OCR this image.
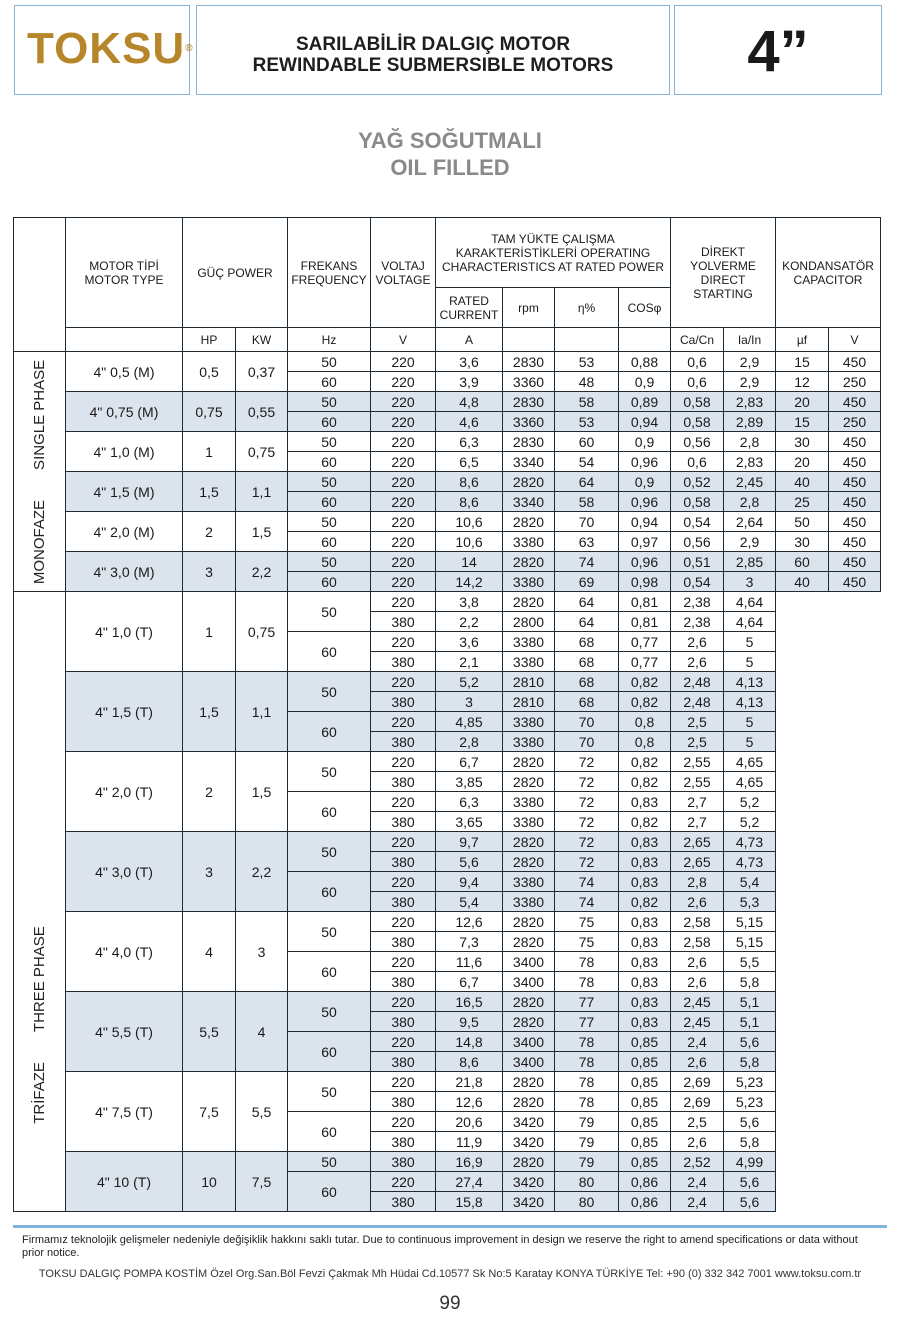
TOKSU®	SARILABİLİR DALGIÇ MOTOR
REWINDABLE SUBMERSIBLE MOTORS	4”
YAĞ SOĞUTMALI
OIL FILLED
	MOTOR TİPİ MOTOR TYPE	GÜÇ POWER		FREKANS FREQUENCY	VOLTAJ VOLTAGE	TAM YÜKTE ÇALIŞMA KARAKTERİSTİKLERİ OPERATING CHARACTERISTICS AT RATED POWER				DİREKT YOLVERME DIRECT STARTING		KONDANSATÖR CAPACITOR	
						RATED CURRENT	rpm	η%	COSφ				
		HP	KW	Hz	V	A				Ca/Cn	Ia/In	µf	V

MONOFAZESINGLE PHASE	4" 0,5 (M)	0,5	0,37	50	220	3,6	2830	53	0,88	0,6	2,9	15	450
				60	220	3,9	3360	48	0,9	0,6	2,9	12	250
	4" 0,75 (M)	0,75	0,55	50	220	4,8	2830	58	0,89	0,58	2,83	20	450
				60	220	4,6	3360	53	0,94	0,58	2,89	15	250
	4" 1,0 (M)	1	0,75	50	220	6,3	2830	60	0,9	0,56	2,8	30	450
				60	220	6,5	3340	54	0,96	0,6	2,83	20	450
	4" 1,5 (M)	1,5	1,1	50	220	8,6	2820	64	0,9	0,52	2,45	40	450
				60	220	8,6	3340	58	0,96	0,58	2,8	25	450
	4" 2,0 (M)	2	1,5	50	220	10,6	2820	70	0,94	0,54	2,64	50	450
				60	220	10,6	3380	63	0,97	0,56	2,9	30	450
	4" 3,0 (M)	3	2,2	50	220	14	2820	74	0,96	0,51	2,85	60	450
				60	220	14,2	3380	69	0,98	0,54	3	40	450

TRİFAZETHREE PHASE	4" 1,0 (T)	1	0,75	50	220	3,8	2820	64	0,81	2,38	4,64		
					380	2,2	2800	64	0,81	2,38	4,64		
				60	220	3,6	3380	68	0,77	2,6	5		
					380	2,1	3380	68	0,77	2,6	5		
	4" 1,5 (T)	1,5	1,1	50	220	5,2	2810	68	0,82	2,48	4,13		
					380	3	2810	68	0,82	2,48	4,13		
				60	220	4,85	3380	70	0,8	2,5	5		
					380	2,8	3380	70	0,8	2,5	5		
	4" 2,0 (T)	2	1,5	50	220	6,7	2820	72	0,82	2,55	4,65		
					380	3,85	2820	72	0,82	2,55	4,65		
				60	220	6,3	3380	72	0,83	2,7	5,2		
					380	3,65	3380	72	0,82	2,7	5,2		
	4" 3,0 (T)	3	2,2	50	220	9,7	2820	72	0,83	2,65	4,73		
					380	5,6	2820	72	0,83	2,65	4,73		
				60	220	9,4	3380	74	0,83	2,8	5,4		
					380	5,4	3380	74	0,82	2,6	5,3		
	4" 4,0 (T)	4	3	50	220	12,6	2820	75	0,83	2,58	5,15		
					380	7,3	2820	75	0,83	2,58	5,15		
				60	220	11,6	3400	78	0,83	2,6	5,5		
					380	6,7	3400	78	0,83	2,6	5,8		
	4" 5,5 (T)	5,5	4	50	220	16,5	2820	77	0,83	2,45	5,1		
					380	9,5	2820	77	0,83	2,45	5,1		
				60	220	14,8	3400	78	0,85	2,4	5,6		
					380	8,6	3400	78	0,85	2,6	5,8		
	4" 7,5 (T)	7,5	5,5	50	220	21,8	2820	78	0,85	2,69	5,23		
					380	12,6	2820	78	0,85	2,69	5,23		
				60	220	20,6	3420	79	0,85	2,5	5,6		
					380	11,9	3420	79	0,85	2,6	5,8		
	4" 10 (T)	10	7,5	50	380	16,9	2820	79	0,85	2,52	4,99		
				60	220	27,4	3420	80	0,86	2,4	5,6		
					380	15,8	3420	80	0,86	2,4	5,6		
Firmamız teknolojik gelişmeler nedeniyle değişiklik hakkını saklı tutar. Due to continuous improvement in design we reserve the right to amend specifications or data without prior notice.
TOKSU DALGIÇ POMPA KOSTİM Özel Org.San.Böl Fevzi Çakmak Mh Hüdai Cd.10577 Sk No:5 Karatay KONYA TÜRKİYE Tel: +90 (0) 332 342 7001 www.toksu.com.tr
99
